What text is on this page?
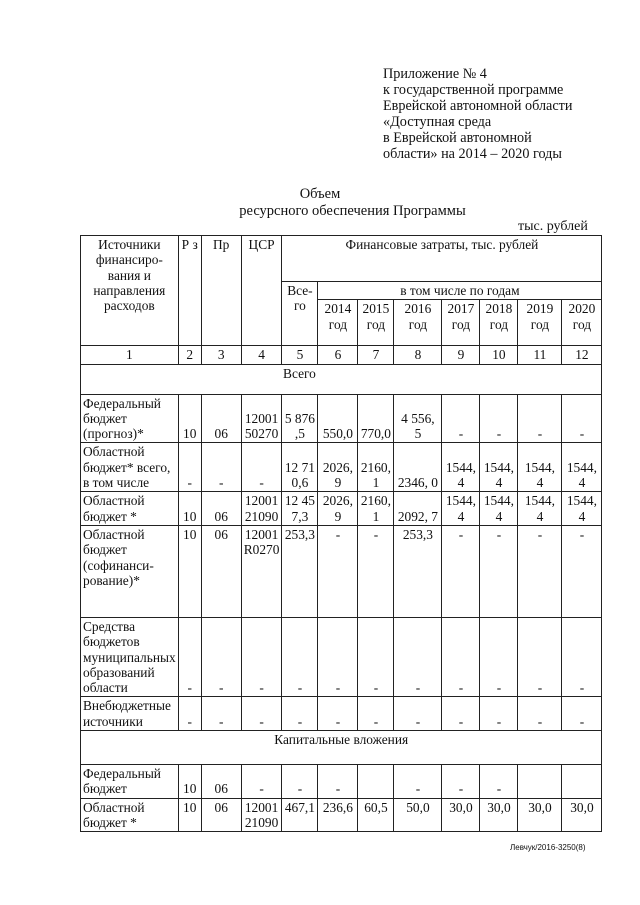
Приложение № 4
к государственной программе
Еврейской автономной области
«Доступная среда
в Еврейской автономной
области» на 2014 – 2020 годы
Объем
ресурсного обеспечения Программы
тыс. рублей
Источники финансиро-вания и направления расходов	Р з	Пр	ЦСР	Финансовые затраты, тыс. рублей							
				Все-го	в том числе по годам						
					2014 год	2015 год	2016 год	2017 год	2018 год	2019 год	2020 год
1	2	3	4	5	6	7	8	9	10	11	12
Всего											
Федеральный бюджет (прогноз)*	10	06	12001 50270	5 876 ,5	550,0	770,0	4 556, 5	-	-	-	-
Областной бюджет* всего, в том числе	-	-	-	12 71 0,6	2026, 9	2160, 1	2346, 0	1544, 4	1544, 4	1544, 4	1544, 4
Областной бюджет *	10	06	12001 21090	12 45 7,3	2026, 9	2160, 1	2092, 7	1544, 4	1544, 4	1544, 4	1544, 4
Областной бюджет (софинанси-рование)*	10	06	12001 R0270	253,3	-	-	253,3	-	-	-	-
Средства бюджетов муниципальных образований области	-	-	-	-	-	-	-	-	-	-	-
Внебюджетные источники	-	-	-	-	-	-	-	-	-	-	-
Капитальные вложения											
Федеральный бюджет	10	06	-	-	-		-	-	-		
Областной бюджет *	10	06	12001 21090	467,1	236,6	60,5	50,0	30,0	30,0	30,0	30,0
Левчук/2016-3250(8)
